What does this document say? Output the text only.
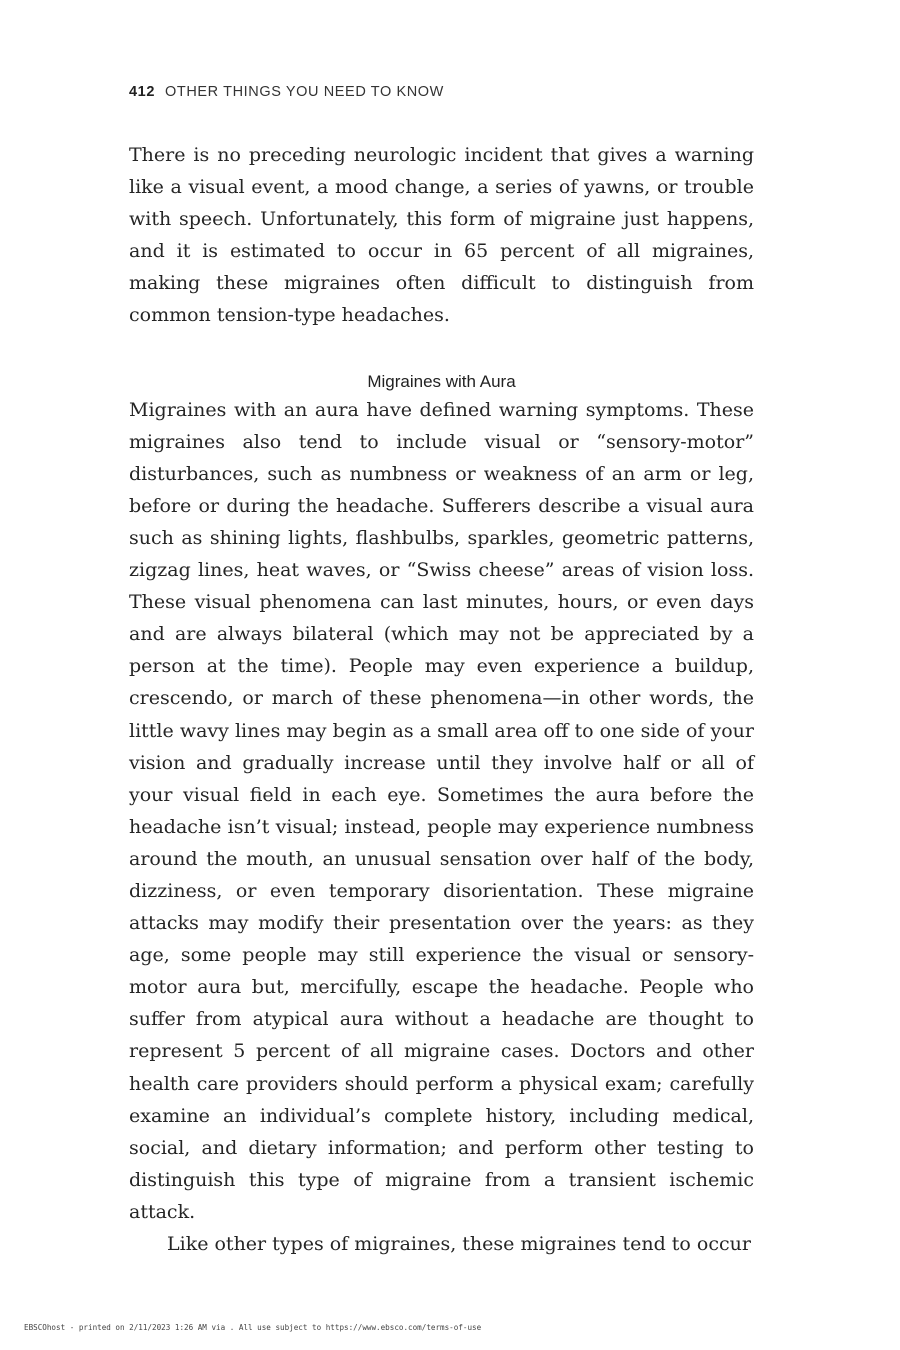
412 OTHER THINGS YOU NEED TO KNOW

There is no preceding neurologic incident that gives a warning like a visual event, a mood change, a series of yawns, or trouble with speech. Unfortunately, this form of migraine just happens, and it is estimated to occur in 65 percent of all migraines, making these migraines often difficult to distinguish from common tension-type headaches.

Migraines with Aura

Migraines with an aura have defined warning symptoms. These migraines also tend to include visual or “sensory-motor” disturbances, such as numbness or weakness of an arm or leg, before or during the headache. Sufferers describe a visual aura such as shining lights, flashbulbs, sparkles, geometric patterns, zigzag lines, heat waves, or “Swiss cheese” areas of vision loss. These visual phenomena can last minutes, hours, or even days and are always bilateral (which may not be appreciated by a person at the time). People may even experience a buildup, crescendo, or march of these phenomena—in other words, the little wavy lines may begin as a small area off to one side of your vision and gradually increase until they involve half or all of your visual field in each eye. Sometimes the aura before the headache isn’t visual; instead, people may experience numbness around the mouth, an unusual sensation over half of the body, dizziness, or even temporary disorientation. These migraine attacks may modify their presentation over the years: as they age, some people may still experience the visual or sensory-motor aura but, mercifully, escape the headache. People who suffer from atypical aura without a headache are thought to represent 5 percent of all migraine cases. Doctors and other health care providers should perform a physical exam; carefully examine an individual’s complete history, including medical, social, and dietary information; and perform other testing to distinguish this type of migraine from a transient ischemic attack.

Like other types of migraines, these migraines tend to occur

EBSCOhost - printed on 2/11/2023 1:26 AM via . All use subject to https://www.ebsco.com/terms-of-use
